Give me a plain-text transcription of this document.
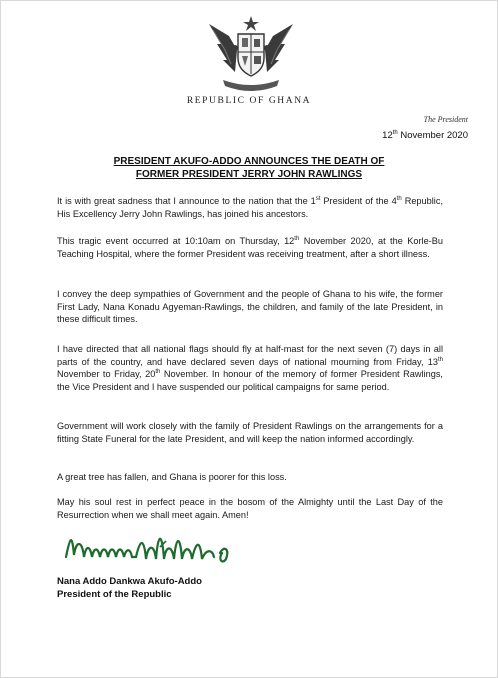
REPUBLIC OF GHANA
The President
12th November 2020
PRESIDENT AKUFO-ADDO ANNOUNCES THE DEATH OF
FORMER PRESIDENT JERRY JOHN RAWLINGS
It is with great sadness that I announce to the nation that the 1st President of the 4th Republic, His Excellency Jerry John Rawlings, has joined his ancestors.
This tragic event occurred at 10:10am on Thursday, 12th November 2020, at the Korle-Bu Teaching Hospital, where the former President was receiving treatment, after a short illness.
I convey the deep sympathies of Government and the people of Ghana to his wife, the former First Lady, Nana Konadu Agyeman-Rawlings, the children, and family of the late President, in these difficult times.
I have directed that all national flags should fly at half-mast for the next seven (7) days in all parts of the country, and have declared seven days of national mourning from Friday, 13th November to Friday, 20th November. In honour of the memory of former President Rawlings, the Vice President and I have suspended our political campaigns for same period.
Government will work closely with the family of President Rawlings on the arrangements for a fitting State Funeral for the late President, and will keep the nation informed accordingly.
A great tree has fallen, and Ghana is poorer for this loss.
May his soul rest in perfect peace in the bosom of the Almighty until the Last Day of the Resurrection when we shall meet again. Amen!
Nana Addo Dankwa Akufo-Addo
President of the Republic
